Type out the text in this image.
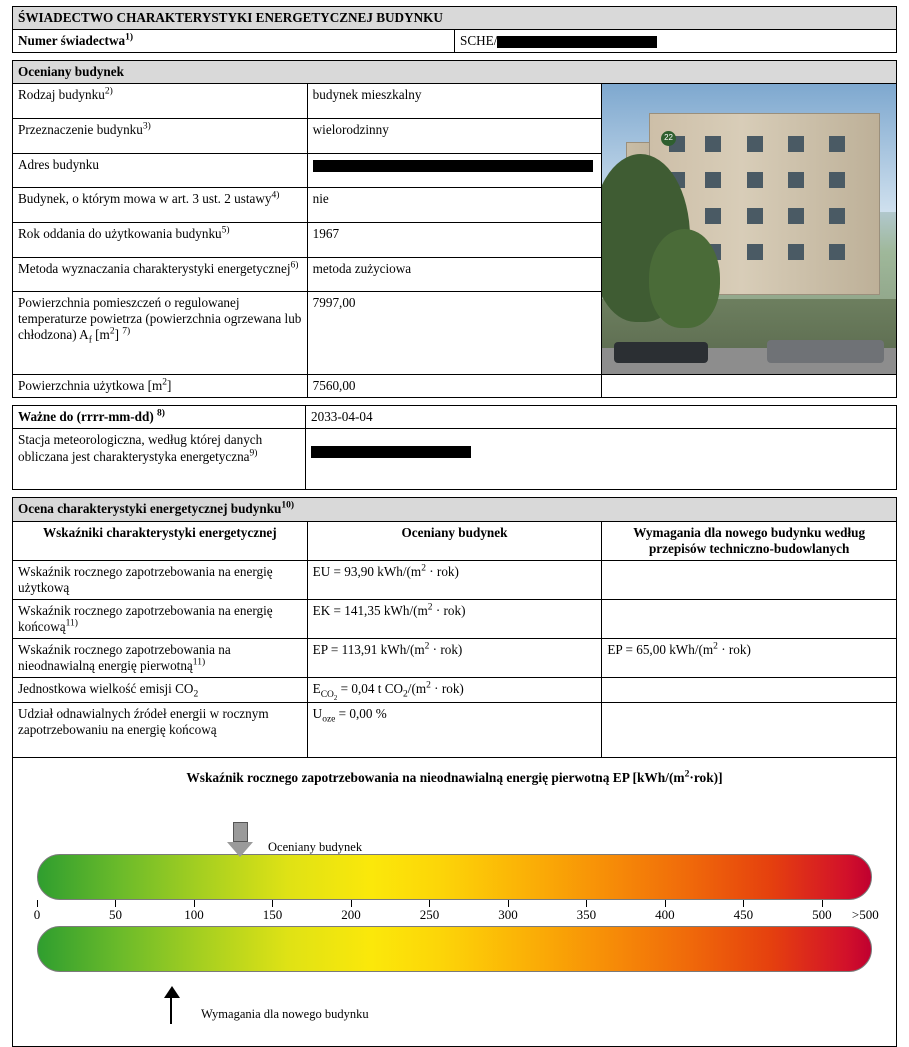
ŚWIADECTWO CHARAKTERYSTYKI ENERGETYCZNEJ BUDYNKU
Numer świadectwa$^{1)}$	SCHE/
Oceniany budynek		
Rodzaj budynku$^{2)}$	budynek mieszkalny	22

Przeznaczenie budynku$^{3)}$	wielorodzinny	
Adres budynku		
Budynek, o którym mowa w art. 3 ust. 2 ustawy$^{4)}$	nie	
Rok oddania do użytkowania budynku$^{5)}$	1967	
Metoda wyznaczania charakterystyki energetycznej$^{6)}$	metoda zużyciowa	
Powierzchnia pomieszczeń o regulowanej temperaturze powietrza (powierzchnia ogrzewana lub chłodzona) $A_f$ $[m^2]$ $^{7)}$	7997,00	
Powierzchnia użytkowa $[m^2]$	7560,00	
Ważne do (rrrr-mm-dd) $^{8)}$	2033-04-04
Stacja meteorologiczna, według której danych obliczana jest charakterystyka energetyczna$^{9)}$	
Ocena charakterystyki energetycznej budynku$^{10)}$
Wskaźniki charakterystyki energetycznej	Oceniany budynek	Wymagania dla nowego budynku według przepisów techniczno-budowlanych
Wskaźnik rocznego zapotrzebowania na energię użytkową	EU = 93,90 kWh/$(m^2 \cdot rok)$	
Wskaźnik rocznego zapotrzebowania na energię końcową$^{11)}$	EK = 141,35 kWh/$(m^2 \cdot rok)$	
Wskaźnik rocznego zapotrzebowania na nieodnawialną energię pierwotną$^{11)}$	EP = 113,91 kWh/$(m^2 \cdot rok)$	EP = 65,00 kWh/$(m^2 \cdot rok)$
Jednostkowa wielkość emisji $CO_2$	$E_{CO_2} = 0,04$ t $CO_2/(m^2 \cdot rok)$	
Udział odnawialnych źródeł energii w rocznym zapotrzebowaniu na energię końcową	$U_{oze} = 0,00$ %	
Wskaźnik rocznego zapotrzebowania na nieodnawialną energię pierwotną EP $[kWh/(m^2\cdot rok)]$
Oceniany budynek
0	50	100	150	200	250	300	350	400	450	500 >500
Wymagania dla nowego budynku
